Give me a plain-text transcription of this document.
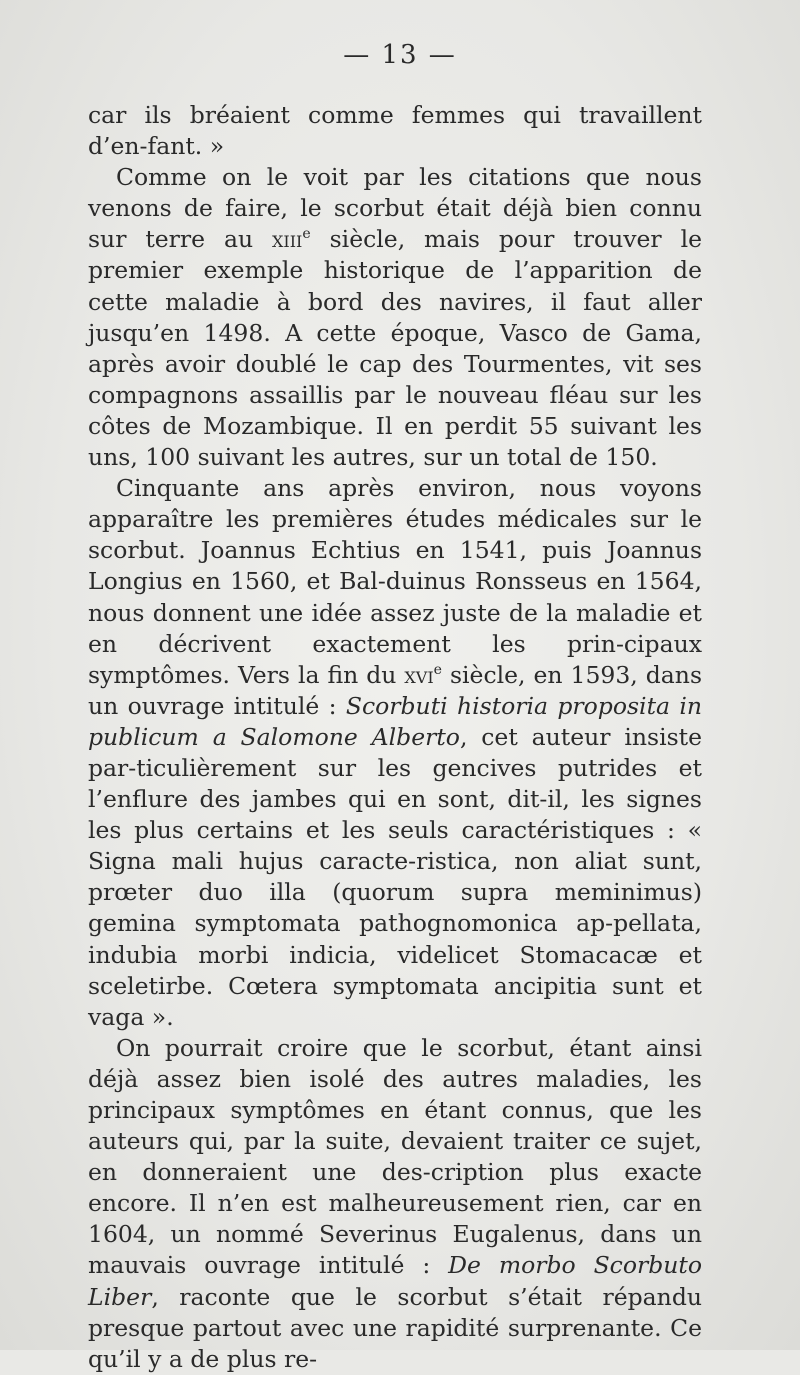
— 13 —

car ils bréaient comme femmes qui travaillent d’en-fant. »

Comme on le voit par les citations que nous venons de faire, le scorbut était déjà bien connu sur terre au xiii$^e$ siècle, mais pour trouver le premier exemple historique de l’apparition de cette maladie à bord des navires, il faut aller jusqu’en 1498. A cette époque, Vasco de Gama, après avoir doublé le cap des Tourmentes, vit ses compagnons assaillis par le nouveau fléau sur les côtes de Mozambique. Il en perdit 55 suivant les uns, 100 suivant les autres, sur un total de 150.

Cinquante ans après environ, nous voyons apparaître les premières études médicales sur le scorbut. Joannus Echtius en 1541, puis Joannus Longius en 1560, et Bal-duinus Ronsseus en 1564, nous donnent une idée assez juste de la maladie et en décrivent exactement les prin-cipaux symptômes. Vers la fin du xvi$^e$ siècle, en 1593, dans un ouvrage intitulé : Scorbuti historia proposita in publicum a Salomone Alberto, cet auteur insiste par-ticulièrement sur les gencives putrides et l’enflure des jambes qui en sont, dit-il, les signes les plus certains et les seuls caractéristiques : « Signa mali hujus caracte-ristica, non aliat sunt, prœter duo illa (quorum supra meminimus) gemina symptomata pathognomonica ap-pellata, indubia morbi indicia, videlicet Stomacacæ et sceletirbe. Cœtera symptomata ancipitia sunt et vaga ».

On pourrait croire que le scorbut, étant ainsi déjà assez bien isolé des autres maladies, les principaux symptômes en étant connus, que les auteurs qui, par la suite, devaient traiter ce sujet, en donneraient une des-cription plus exacte encore. Il n’en est malheureusement rien, car en 1604, un nommé Severinus Eugalenus, dans un mauvais ouvrage intitulé : De morbo Scorbuto Liber, raconte que le scorbut s’était répandu presque partout avec une rapidité surprenante. Ce qu’il y a de plus re-
